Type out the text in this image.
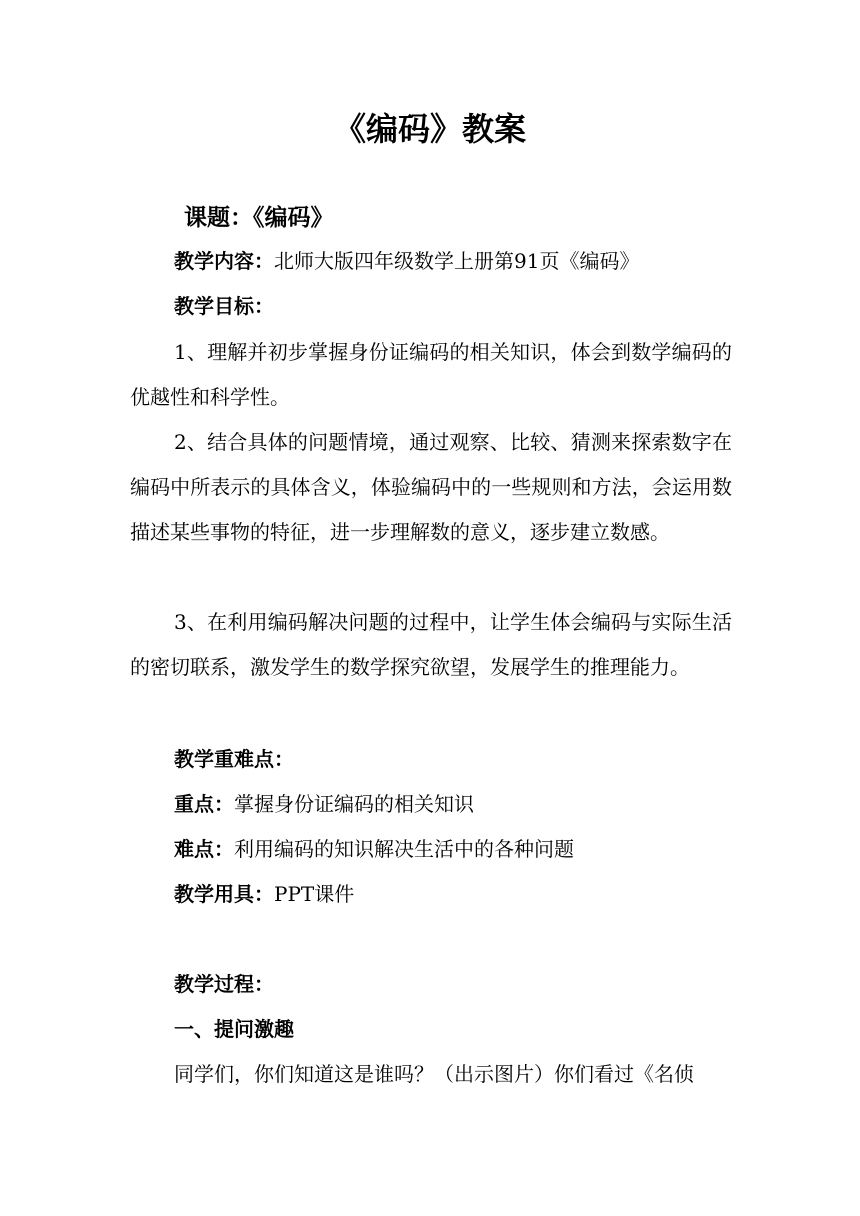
《编码》教案
课题：《编码》

教学内容：北师大版四年级数学上册第91页《编码》

教学目标：

1、理解并初步掌握身份证编码的相关知识，体会到数学编码的优越性和科学性。

2、结合具体的问题情境，通过观察、比较、猜测来探索数字在编码中所表示的具体含义，体验编码中的一些规则和方法，会运用数描述某些事物的特征，进一步理解数的意义，逐步建立数感。

3、在利用编码解决问题的过程中，让学生体会编码与实际生活的密切联系，激发学生的数学探究欲望，发展学生的推理能力。

教学重难点：

重点：掌握身份证编码的相关知识

难点：利用编码的知识解决生活中的各种问题

教学用具：PPT课件

教学过程：

一、提问激趣

同学们，你们知道这是谁吗？（出示图片）你们看过《名侦
